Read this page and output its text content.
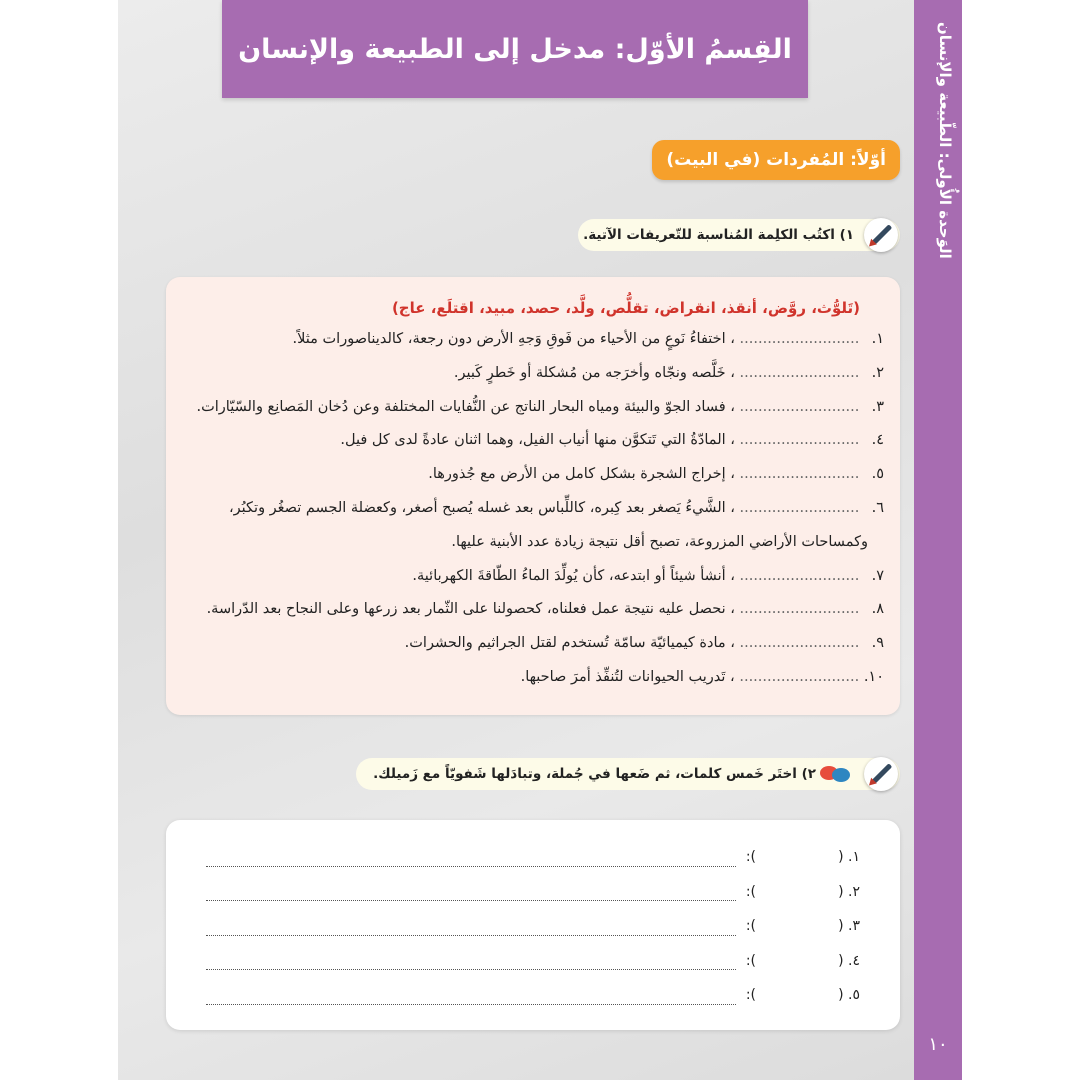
الوَحدة الأُولى: الطّبيعة والإنسان
١٠
القِسمُ الأوّل: مدخل إلى الطبيعة والإنسان
أوّلاً: المُفردات (في البيت)
١) اكتُب الكلِمة المُناسبة للتّعريفات الآتية.
(تَلوُّث، روَّض، أنقذ، انقراض، تقلُّص، ولَّد، حصد، مبيد، اقتلَع، عاج)
١. .......................... ، اختفاءُ نَوعٍ من الأحياء من فَوقِ وَجهِ الأرض دون رجعة، كالديناصورات مثلاً.
٢. .......................... ، خَلَّصه ونجّاه وأخرَجه من مُشكلة أو خَطرٍ كَبير.
٣. .......................... ، فساد الجوّ والبيئة ومياه البحار الناتج عن النُّفايات المختلفة وعن دُخان المَصانِع والسّيّارات.
٤. .......................... ، المادّةُ التي تَتكوَّن منها أنياب الفيل، وهما اثنان عادةً لدى كل فيل.
٥. .......................... ، إخراج الشجرة بشكل كامل من الأرض مع جُذورها.
٦. .......................... ، الشَّيءُ يَصغر بعد كِبره، كاللِّباس بعد غسله يُصبح أصغر، وكعضلة الجسم تصغُر وتكبُر،
وكمساحات الأراضي المزروعة، تصبح أقل نتيجة زيادة عدد الأبنية عليها.
٧. .......................... ، أنشأ شيئاً أو ابتدعه، كأن يُولِّدَ الماءُ الطّاقةَ الكهربائية.
٨. .......................... ، نحصل عليه نتيجة عمل فعلناه، كحصولنا على الثّمار بعد زرعها وعلى النجاح بعد الدّراسة.
٩. .......................... ، مادة كيميائيّة سامّة تُستخدم لقتل الجراثيم والحشرات.
١٠. .......................... ، تَدريب الحيوانات لتُنفِّذ أمرَ صاحبها.
٢) اختَر خَمس كلمات، ثم ضَعها في جُملة، وتبادَلها شَفويّاً مع زَميلك.
١. (
):
٢. (
):
٣. (
):
٤. (
):
٥. (
):
